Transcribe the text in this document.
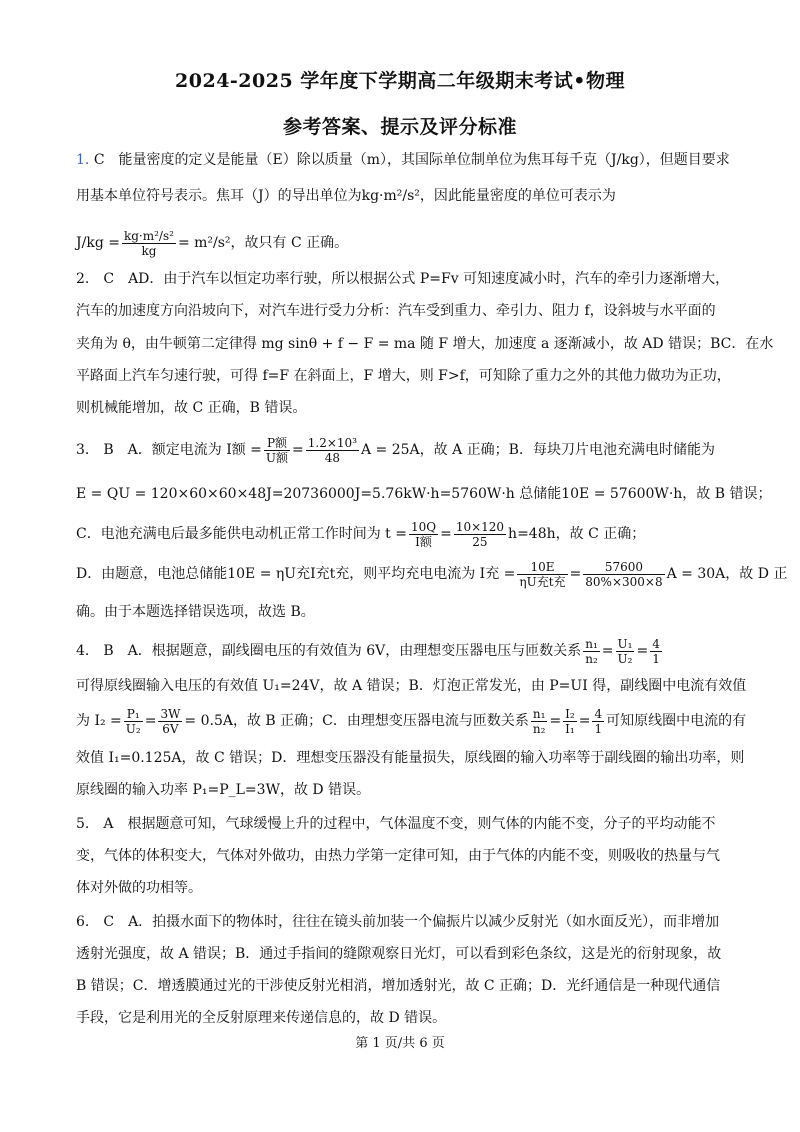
2024-2025 学年度下学期高二年级期末考试•物理
参考答案、提示及评分标准
1. C　能量密度的定义是能量（E）除以质量（m），其国际单位制单位为焦耳每千克（J/kg），但题目要求
用基本单位符号表示。焦耳（J）的导出单位为kg·m²/s²，因此能量密度的单位可表示为
$J/kg = \frac{\text{kg·m²/s²}}{kg} = m^2/s^2$，故只有 C 正确。
2.　C　AD．由于汽车以恒定功率行驶，所以根据公式 P=Fv 可知速度减小时，汽车的牵引力逐渐增大，
汽车的加速度方向沿坡向下，对汽车进行受力分析：汽车受到重力、牵引力、阻力 f，设斜坡与水平面的
夹角为 θ，由牛顿第二定律得 mg sinθ + f − F = ma 随 F 增大，加速度 a 逐渐减小，故 AD 错误；BC．在水
平路面上汽车匀速行驶，可得 f=F 在斜面上，F 增大，则 F>f，可知除了重力之外的其他力做功为正功，
则机械能增加，故 C 正确，B 错误。
3.　B　A．额定电流为 I额 = $\frac{\text{P额}}{\text{U额}} = \frac{\text{1.2×10³}}{48}$ A = 25A，故 A 正确；B．每块刀片电池充满电时储能为
E = QU = 120×60×60×48J=20736000J=5.76kW·h=5760W·h 总储能10E = 57600W·h，故 B 错误；
C．电池充满电后最多能供电动机正常工作时间为 $t = \frac{10Q}{\text{I额}} = \frac{10\times 120}{25} h=48h$，故 C 正确；
D．由题意，电池总储能10E = ηU充I充t充，则平均充电电流为 I充 = $\frac{10E}{\text{ηU充t充}} = \frac{57600}{80\%\times 300\times 8}$ A = 30A，故 D 正
确。由于本题选择错误选项，故选 B。
4.　B　A．根据题意，副线圈电压的有效值为 6V，由理想变压器电压与匝数关系 $\frac{\text{n₁}}{\text{n₂}} = \frac{\text{U₁}}{\text{U₂}} = \frac{4}{1}$
可得原线圈输入电压的有效值 U₁=24V，故 A 错误；B．灯泡正常发光，由 P=UI 得，副线圈中电流有效值
为 $I_2 = \frac{\text{P₁}}{\text{U₂}} = \frac{3W}{6V} = 0.5A$，故 B 正确；C．由理想变压器电流与匝数关系 $\frac{\text{n₁}}{\text{n₂}} = \frac{\text{I₂}}{\text{I₁}} = \frac{4}{1}$ 可知原线圈中电流的有
效值 I₁=0.125A，故 C 错误；D．理想变压器没有能量损失，原线圈的输入功率等于副线圈的输出功率，则
原线圈的输入功率 P₁=P_L=3W，故 D 错误。
5.　A　根据题意可知，气球缓慢上升的过程中，气体温度不变，则气体的内能不变，分子的平均动能不
变，气体的体积变大，气体对外做功，由热力学第一定律可知，由于气体的内能不变，则吸收的热量与气
体对外做的功相等。
6.　C　A．拍摄水面下的物体时，往往在镜头前加装一个偏振片以减少反射光（如水面反光），而非增加
透射光强度，故 A 错误；B．通过手指间的缝隙观察日光灯，可以看到彩色条纹，这是光的衍射现象，故
B 错误；C．增透膜通过光的干涉使反射光相消，增加透射光，故 C 正确；D．光纤通信是一种现代通信
手段，它是利用光的全反射原理来传递信息的，故 D 错误。
第 1 页/共 6 页
